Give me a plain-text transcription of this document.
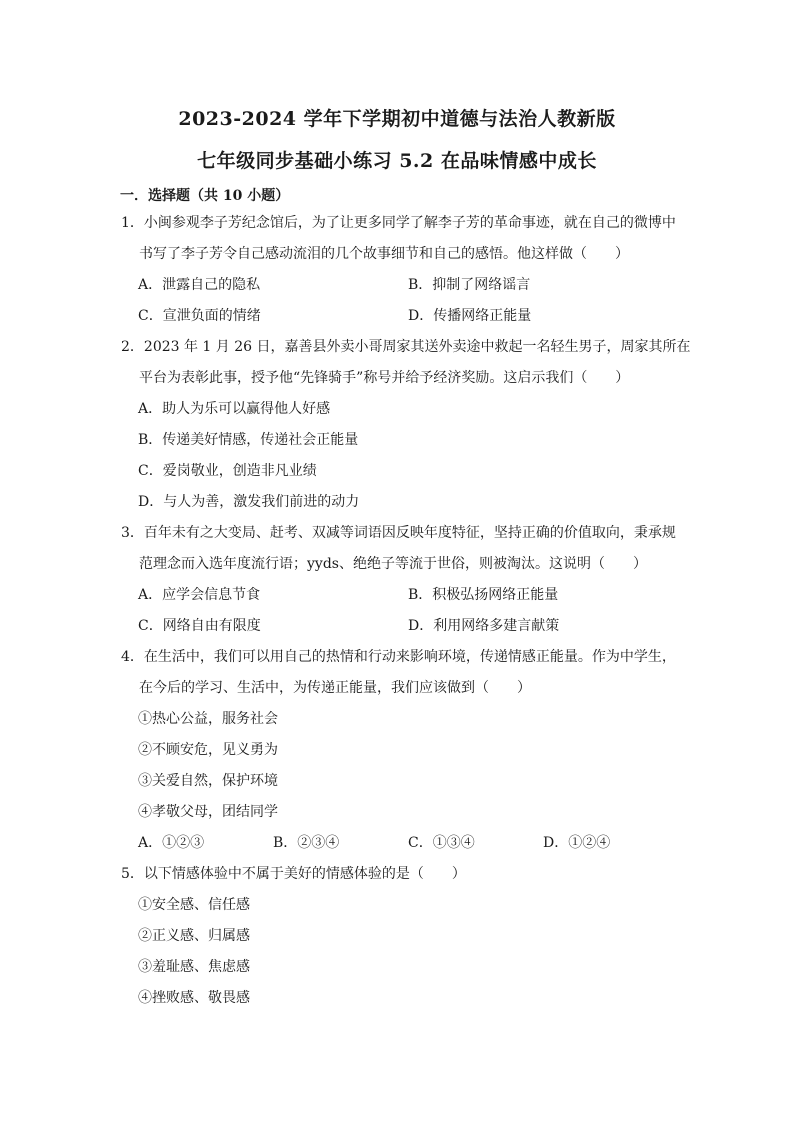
2023-2024 学年下学期初中道德与法治人教新版
七年级同步基础小练习 5.2 在品味情感中成长
一．选择题（共 10 小题）
1．小闽参观李子芳纪念馆后，为了让更多同学了解李子芳的革命事迹，就在自己的微博中
书写了李子芳令自己感动流泪的几个故事细节和自己的感悟。他这样做（　　）
A．泄露自己的隐私	B．抑制了网络谣言
C．宣泄负面的情绪	D．传播网络正能量
2．2023 年 1 月 26 日，嘉善县外卖小哥周家其送外卖途中救起一名轻生男子，周家其所在
平台为表彰此事，授予他“先锋骑手”称号并给予经济奖励。这启示我们（　　）
A．助人为乐可以赢得他人好感
B．传递美好情感，传递社会正能量
C．爱岗敬业，创造非凡业绩
D．与人为善，激发我们前进的动力
3．百年未有之大变局、赶考、双减等词语因反映年度特征，坚持正确的价值取向，秉承规
范理念而入选年度流行语；yyds、绝绝子等流于世俗，则被淘汰。这说明（　　）
A．应学会信息节食	B．积极弘扬网络正能量
C．网络自由有限度	D．利用网络多建言献策
4．在生活中，我们可以用自己的热情和行动来影响环境，传递情感正能量。作为中学生，
在今后的学习、生活中，为传递正能量，我们应该做到（　　）
①热心公益，服务社会
②不顾安危，见义勇为
③关爱自然，保护环境
④孝敬父母，团结同学
A．①②③	B．②③④	C．①③④	D．①②④
5．以下情感体验中不属于美好的情感体验的是（　　）
①安全感、信任感
②正义感、归属感
③羞耻感、焦虑感
④挫败感、敬畏感
